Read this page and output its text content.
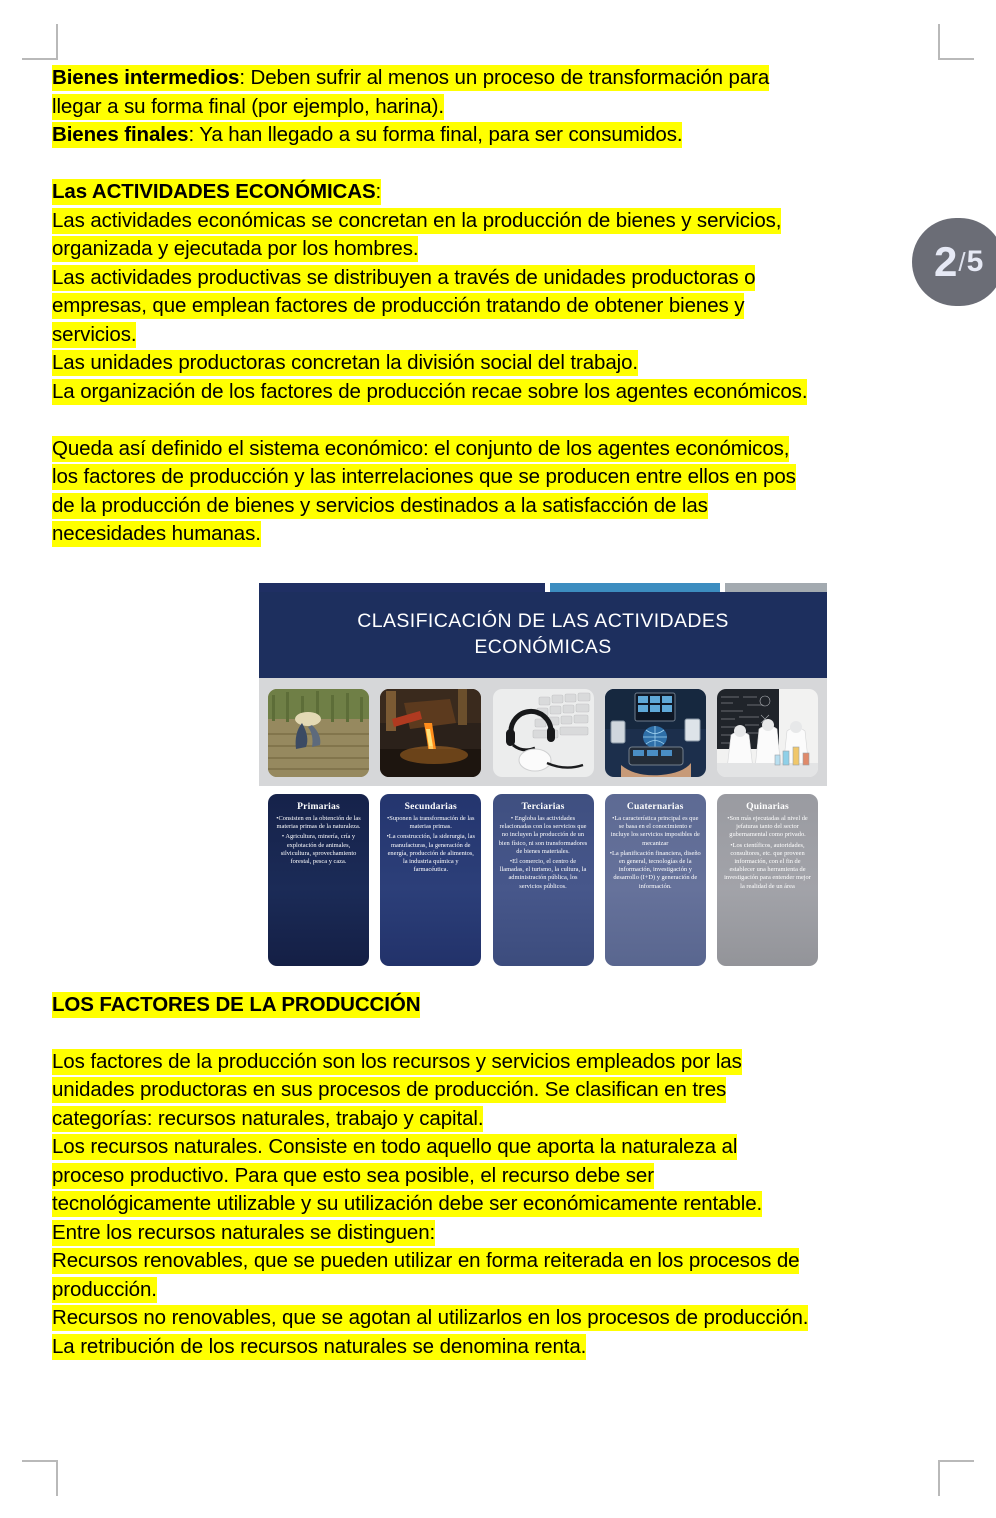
2 / 5
Bienes intermedios: Deben sufrir al menos un proceso de transformación para
llegar a su forma final (por ejemplo, harina).
Bienes finales: Ya han llegado a su forma final, para ser consumidos.
Las ACTIVIDADES ECONÓMICAS:
Las actividades económicas se concretan en la producción de bienes y servicios,
organizada y ejecutada por los hombres.
Las actividades productivas se distribuyen a través de unidades productoras o
empresas, que emplean factores de producción tratando de obtener bienes y
servicios.
Las unidades productoras concretan la división social del trabajo.
La organización de los factores de producción recae sobre los agentes económicos.
Queda así definido el sistema económico: el conjunto de los agentes económicos,
los factores de producción y las interrelaciones que se producen entre ellos en pos
de la producción de bienes y servicios destinados a la satisfacción de las
necesidades humanas.
LOS FACTORES DE LA PRODUCCIÓN
Los factores de la producción son los recursos y servicios empleados por las
unidades productoras en sus procesos de producción. Se clasifican en tres
categorías: recursos naturales, trabajo y capital.
Los recursos naturales. Consiste en todo aquello que aporta la naturaleza al
proceso productivo. Para que esto sea posible, el recurso debe ser
tecnológicamente utilizable y su utilización debe ser económicamente rentable.
Entre los recursos naturales se distinguen:
Recursos renovables, que se pueden utilizar en forma reiterada en los procesos de
producción.
Recursos no renovables, que se agotan al utilizarlos en los procesos de producción.
La retribución de los recursos naturales se denomina renta.
CLASIFICACIÓN DE LAS ACTIVIDADES
ECONÓMICAS
Primarias

•Consisten en la obtención de las materias primas de la naturaleza.

• Agricultura, minería, cría y explotación de animales, silvicultura, sprovechamiento forestal, pesca y caza.

Secundarias

•Suponen la transformación de las materias primas.

•La construcción, la siderurgia, las manufacturas, la generación de energía, producción de alimentos, la industria química y farmacéutica.

Terciarias

• Engloba las actividades relacionadas con los servicios que no incluyen la producción de un bien físico, ni son transformadores de bienes materiales.

•El comercio, el centro de llamadas, el turismo, la cultura, la administración pública, los servicios públicos.

Cuaternarias

•La característica principal es que se basa en el conocimiento e incluye los servicios imposibles de mecanizar

•La planificación financiera, diseño en general, tecnologías de la información, investigación y desarrollo (I+D) y generación de información.

Quinarias

•Son más ejecutadas al nivel de jefaturas tanto del sector gubernamental como privado.

•Los científicos, autoridades, consultores, etc. que proveen información, con el fin de establecer una herramienta de investigación para entender mejor la realidad de un área
